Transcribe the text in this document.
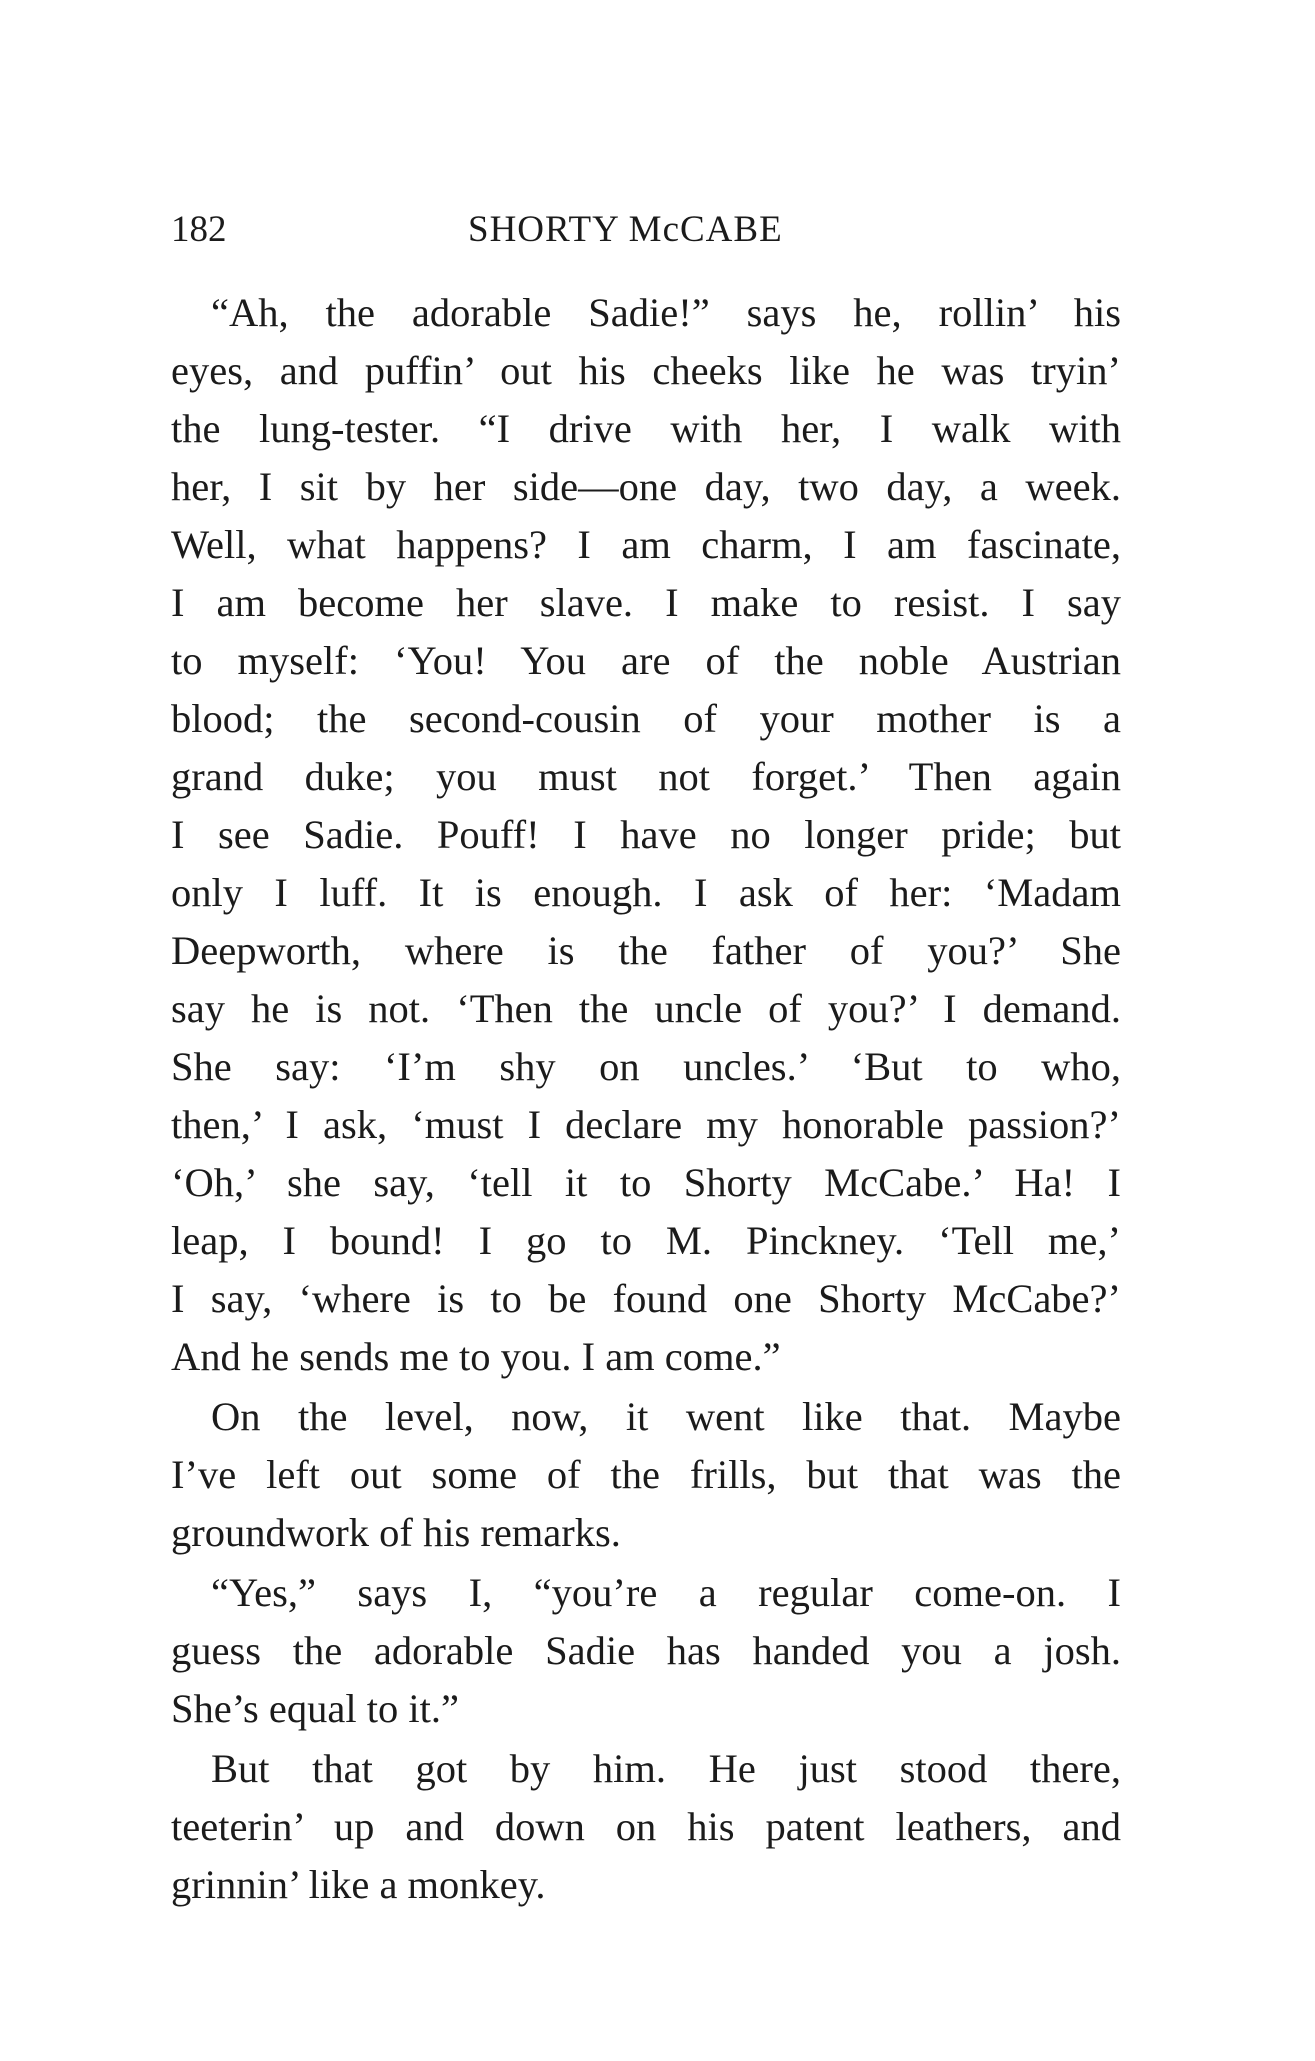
182	SHORTY McCABE

“Ah, the adorable Sadie!” says he, rollin’ his
eyes, and puffin’ out his cheeks like he was tryin’
the lung-tester. “I drive with her, I walk with
her, I sit by her side—one day, two day, a week.
Well, what happens? I am charm, I am fascinate,
I am become her slave. I make to resist. I say
to myself: ‘You! You are of the noble Austrian
blood; the second-cousin of your mother is a
grand duke; you must not forget.’ Then again
I see Sadie. Pouff! I have no longer pride; but
only I luff. It is enough. I ask of her: ‘Madam
Deepworth, where is the father of you?’ She
say he is not. ‘Then the uncle of you?’ I demand.
She say: ‘I’m shy on uncles.’ ‘But to who,
then,’ I ask, ‘must I declare my honorable passion?’
‘Oh,’ she say, ‘tell it to Shorty McCabe.’ Ha! I
leap, I bound! I go to M. Pinckney. ‘Tell me,’
I say, ‘where is to be found one Shorty McCabe?’
And he sends me to you. I am come.”

On the level, now, it went like that. Maybe
I’ve left out some of the frills, but that was the
groundwork of his remarks.

“Yes,” says I, “you’re a regular come-on. I
guess the adorable Sadie has handed you a josh.
She’s equal to it.”

But that got by him. He just stood there,
teeterin’ up and down on his patent leathers, and
grinnin’ like a monkey.
